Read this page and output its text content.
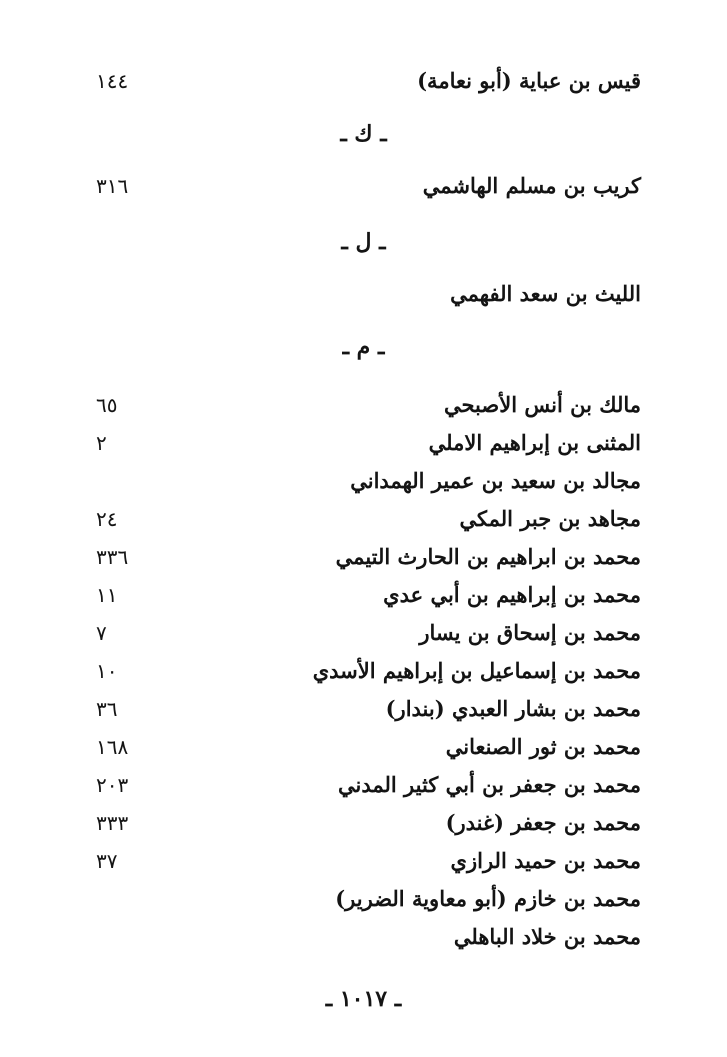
قيس بن عباية (أبو نعامة)
١٤٤
ـ ك ـ
كريب بن مسلم الهاشمي
٣١٦
ـ ل ـ
الليث بن سعد الفهمي
ـ م ـ
مالك بن أنس الأصبحي
٦٥
المثنى بن إبراهيم الاملي
٢
مجالد بن سعيد بن عمير الهمداني
مجاهد بن جبر المكي
٢٤
محمد بن ابراهيم بن الحارث التيمي
٣٣٦
محمد بن إبراهيم بن أبي عدي
١١
محمد بن إسحاق بن يسار
٧
محمد بن إسماعيل بن إبراهيم الأسدي
١٠
محمد بن بشار العبدي (بندار)
٣٦
محمد بن ثور الصنعاني
١٦٨
محمد بن جعفر بن أبي كثير المدني
٢٠٣
محمد بن جعفر (غندر)
٣٣٣
محمد بن حميد الرازي
٣٧
محمد بن خازم (أبو معاوية الضرير)
محمد بن خلاد الباهلي
ـ ١٠١٧ ـ
